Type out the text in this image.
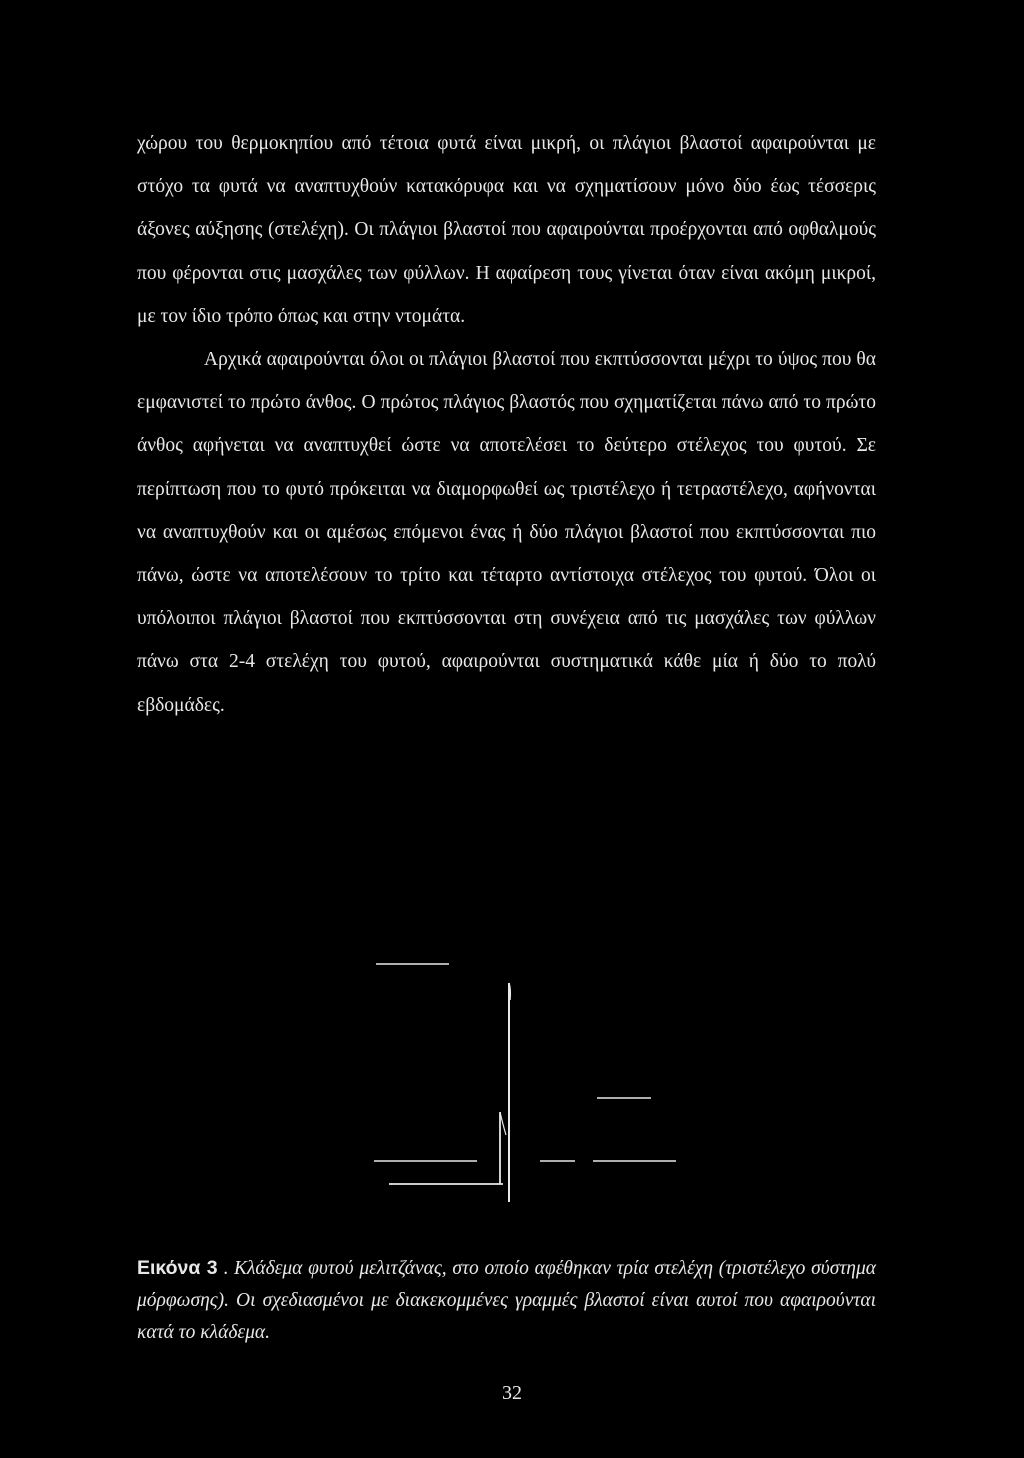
χώρου του θερμοκηπίου από τέτοια φυτά είναι μικρή, οι πλάγιοι βλαστοί αφαιρούνται με στόχο τα φυτά να αναπτυχθούν κατακόρυφα και να σχηματίσουν μόνο δύο έως τέσσερις άξονες αύξησης (στελέχη). Οι πλάγιοι βλαστοί που αφαιρούνται προέρχονται από οφθαλμούς που φέρονται στις μασχάλες των φύλλων. Η αφαίρεση τους γίνεται όταν είναι ακόμη μικροί, με τον ίδιο τρόπο όπως και στην ντομάτα.

Αρχικά αφαιρούνται όλοι οι πλάγιοι βλαστοί που εκπτύσσονται μέχρι το ύψος που θα εμφανιστεί το πρώτο άνθος. Ο πρώτος πλάγιος βλαστός που σχηματίζεται πάνω από το πρώτο άνθος αφήνεται να αναπτυχθεί ώστε να αποτελέσει το δεύτερο στέλεχος του φυτού. Σε περίπτωση που το φυτό πρόκειται να διαμορφωθεί ως τριστέλεχο ή τετραστέλεχο, αφήνονται να αναπτυχθούν και οι αμέσως επόμενοι ένας ή δύο πλάγιοι βλαστοί που εκπτύσσονται πιο πάνω, ώστε να αποτελέσουν το τρίτο και τέταρτο αντίστοιχα στέλεχος του φυτού. Όλοι οι υπόλοιποι πλάγιοι βλαστοί που εκπτύσσονται στη συνέχεια από τις μασχάλες των φύλλων πάνω στα 2-4 στελέχη του φυτού, αφαιρούνται συστηματικά κάθε μία ή δύο το πολύ εβδομάδες.

Εικόνα 3 . Κλάδεμα φυτού μελιτζάνας, στο οποίο αφέθηκαν τρία στελέχη (τριστέλεχο σύστημα μόρφωσης). Οι σχεδιασμένοι με διακεκομμένες γραμμές βλαστοί είναι αυτοί που αφαιρούνται κατά το κλάδεμα.

32
